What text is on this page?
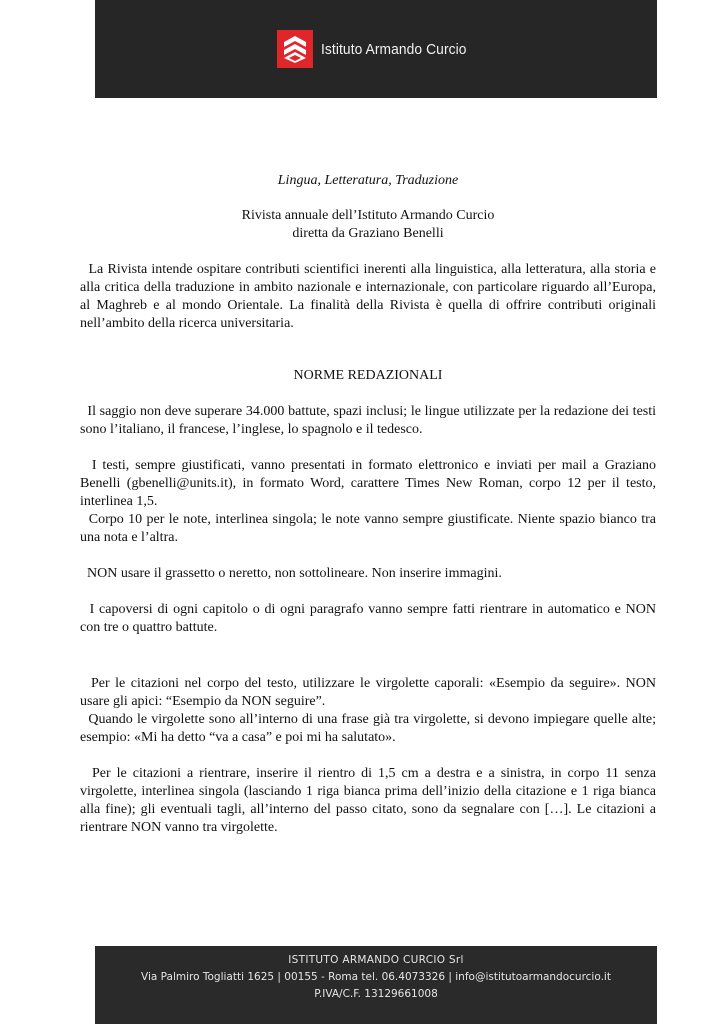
Istituto Armando Curcio

Lingua, Letteratura, Traduzione

Rivista annuale dell’Istituto Armando Curcio
diretta da Graziano Benelli

La Rivista intende ospitare contributi scientifici inerenti alla linguistica, alla letteratura, alla storia e alla critica della traduzione in ambito nazionale e internazionale, con particolare riguardo all’Europa, al Maghreb e al mondo Orientale. La finalità della Rivista è quella di offrire contributi originali nell’ambito della ricerca universitaria.

NORME REDAZIONALI

Il saggio non deve superare 34.000 battute, spazi inclusi; le lingue utilizzate per la redazione dei testi sono l’italiano, il francese, l’inglese, lo spagnolo e il tedesco.

I testi, sempre giustificati, vanno presentati in formato elettronico e inviati per mail a Graziano Benelli (gbenelli@units.it), in formato Word, carattere Times New Roman, corpo 12 per il testo, interlinea 1,5.

Corpo 10 per le note, interlinea singola; le note vanno sempre giustificate. Niente spazio bianco tra una nota e l’altra.

NON usare il grassetto o neretto, non sottolineare. Non inserire immagini.

I capoversi di ogni capitolo o di ogni paragrafo vanno sempre fatti rientrare in automatico e NON con tre o quattro battute.

Per le citazioni nel corpo del testo, utilizzare le virgolette caporali: «Esempio da seguire». NON usare gli apici: “Esempio da NON seguire”.

Quando le virgolette sono all’interno di una frase già tra virgolette, si devono impiegare quelle alte; esempio: «Mi ha detto “va a casa” e poi mi ha salutato».

Per le citazioni a rientrare, inserire il rientro di 1,5 cm a destra e a sinistra, in corpo 11 senza virgolette, interlinea singola (lasciando 1 riga bianca prima dell’inizio della citazione e 1 riga bianca alla fine); gli eventuali tagli, all’interno del passo citato, sono da segnalare con […]. Le citazioni a rientrare NON vanno tra virgolette.

ISTITUTO ARMANDO CURCIO Srl
Via Palmiro Togliatti 1625 | 00155 - Roma tel. 06.4073326 | info@istitutoarmandocurcio.it
P.IVA/C.F. 13129661008
